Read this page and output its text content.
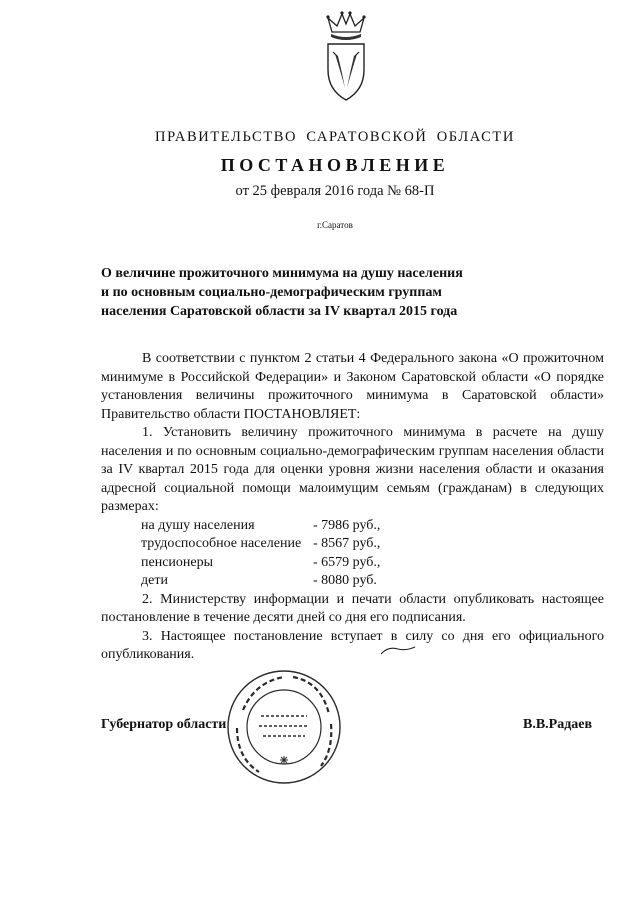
ПРАВИТЕЛЬСТВО САРАТОВСКОЙ ОБЛАСТИ
ПОСТАНОВЛЕНИЕ
от 25 февраля 2016 года № 68-П
г.Саратов
О величине прожиточного минимума на душу населения
и по основным социально-демографическим группам
населения Саратовской области за IV квартал 2015 года

В соответствии с пунктом 2 статьи 4 Федерального закона «О прожиточном минимуме в Российской Федерации» и Законом Саратовской области «О порядке установления величины прожиточного минимума в Саратовской области» Правительство области ПОСТАНОВЛЯЕТ:

1. Установить величину прожиточного минимума в расчете на душу населения и по основным социально-демографическим группам населения области за IV квартал 2015 года для оценки уровня жизни населения области и оказания адресной социальной помощи малоимущим семьям (гражданам) в следующих размерах:

на душу населения	- 7986 руб.,
трудоспособное население - 8567 руб.,
пенсионеры	- 6579 руб.,
дети	- 8080 руб.

2. Министерству информации и печати области опубликовать настоящее постановление в течение десяти дней со дня его подписания.

3. Настоящее постановление вступает в силу со дня его официального опубликования.

Губернатор области	В.В.Радаев
